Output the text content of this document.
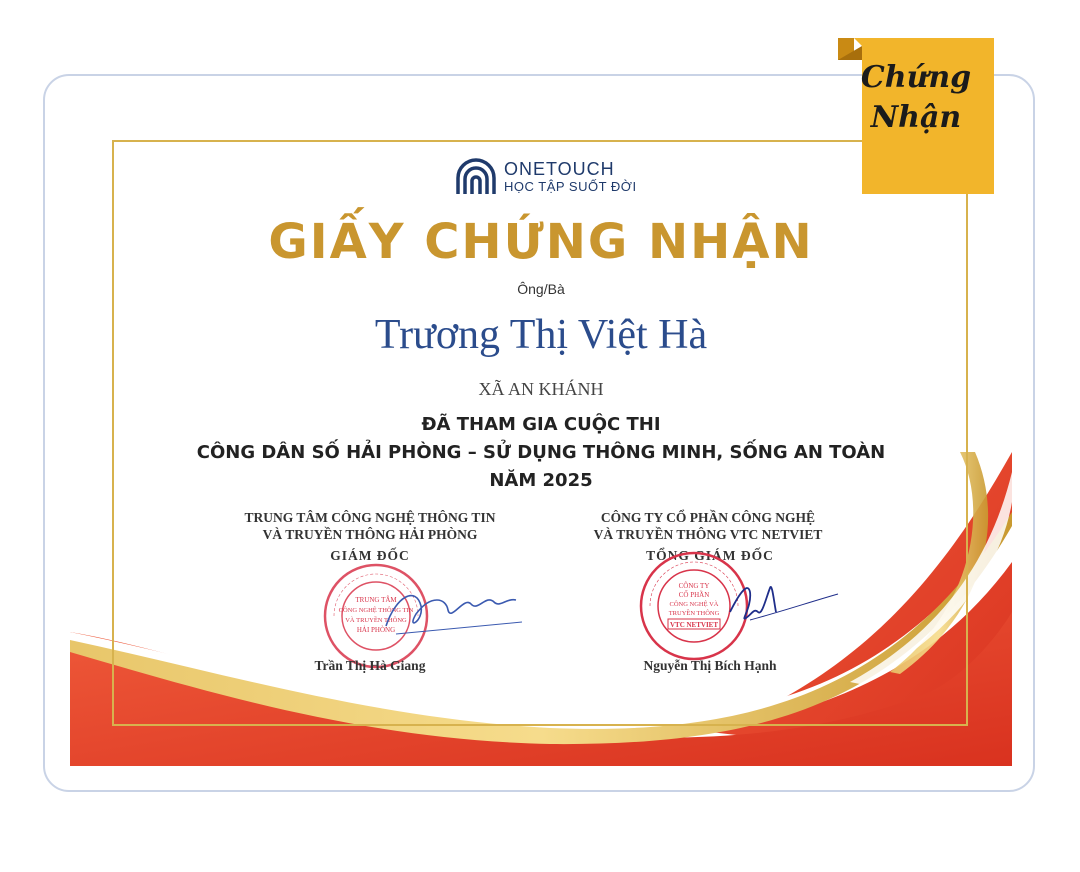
ONETOUCH
HỌC TẬP SUỐT ĐỜI
GIẤY CHỨNG NHẬN
Ông/Bà
Trương Thị Việt Hà
XÃ AN KHÁNH
ĐÃ THAM GIA CUỘC THI
CÔNG DÂN SỐ HẢI PHÒNG – SỬ DỤNG THÔNG MINH, SỐNG AN TOÀN
NĂM 2025
TRUNG TÂM CÔNG NGHỆ THÔNG TIN
VÀ TRUYỀN THÔNG HẢI PHÒNG
GIÁM ĐỐC
TRUNG TÂM
CÔNG NGHỆ THÔNG TIN
VÀ TRUYỀN THÔNG
HẢI PHÒNG
Trần Thị Hà Giang
CÔNG TY CỔ PHẦN CÔNG NGHỆ
VÀ TRUYỀN THÔNG VTC NETVIET
TỔNG GIÁM ĐỐC
CÔNG TY
CỔ PHẦN
CÔNG NGHỆ VÀ
TRUYỀN THÔNG
VTC NETVIET
Nguyễn Thị Bích Hạnh
Chứng
Nhận
